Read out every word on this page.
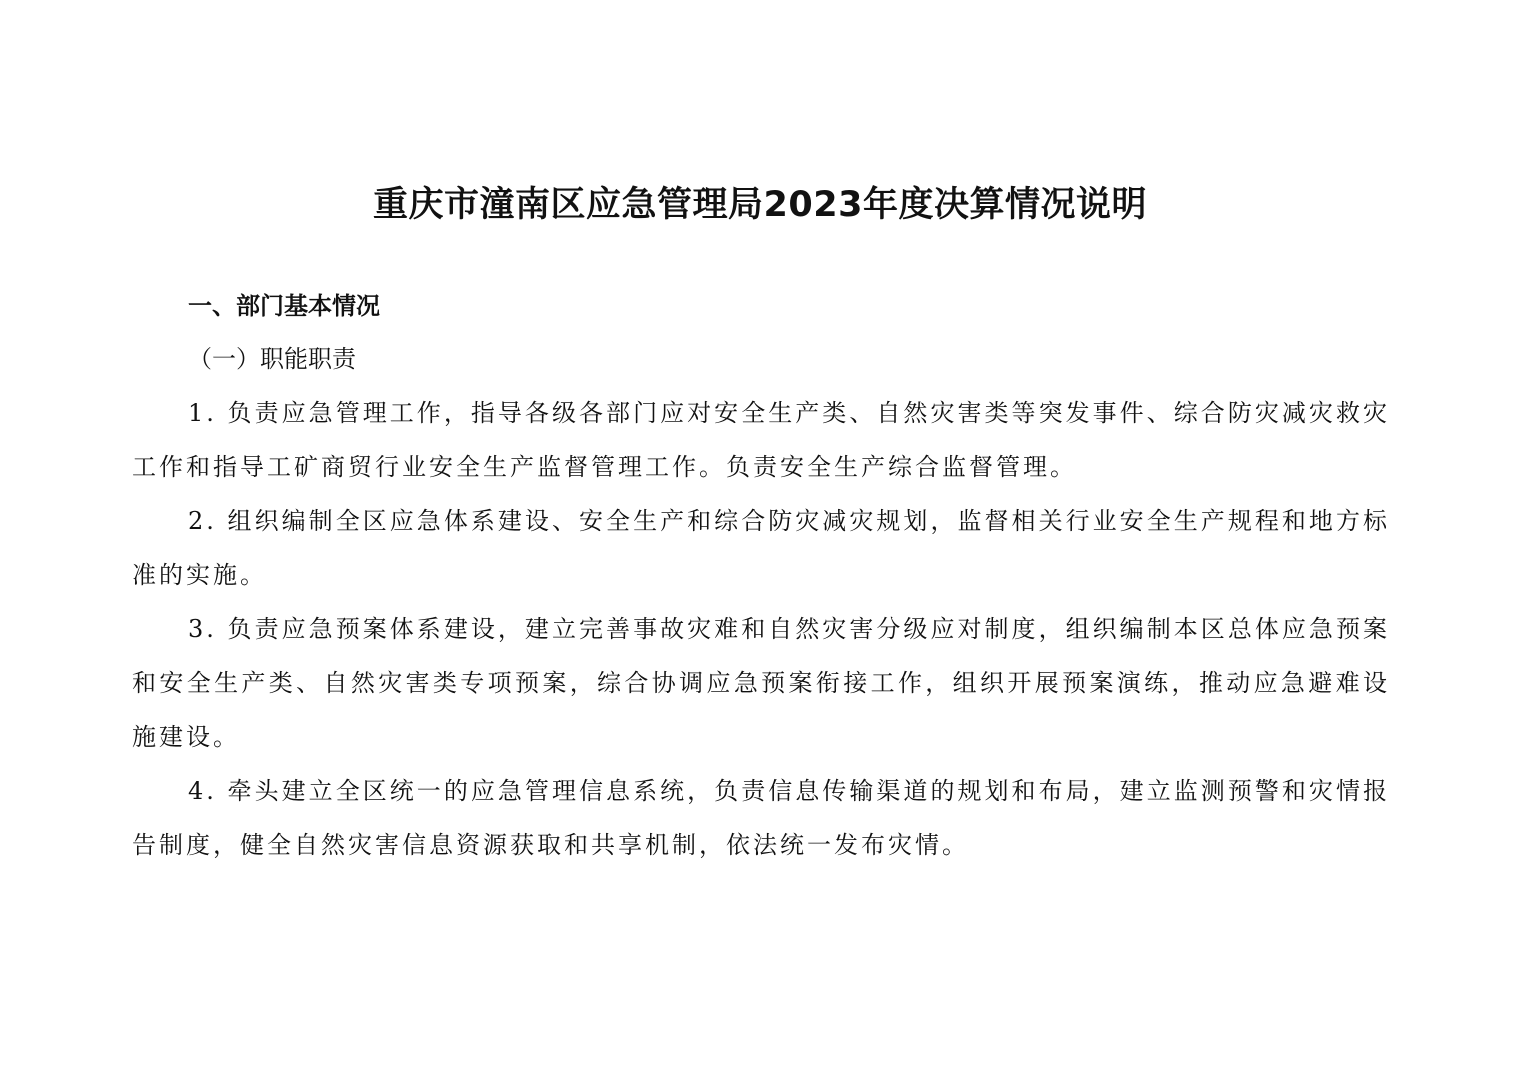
重庆市潼南区应急管理局2023年度决算情况说明

一、部门基本情况

（一）职能职责

1. 负责应急管理工作，指导各级各部门应对安全生产类、自然灾害类等突发事件、综合防灾减灾救灾工作和指导工矿商贸行业安全生产监督管理工作。负责安全生产综合监督管理。

2. 组织编制全区应急体系建设、安全生产和综合防灾减灾规划，监督相关行业安全生产规程和地方标准的实施。

3. 负责应急预案体系建设，建立完善事故灾难和自然灾害分级应对制度，组织编制本区总体应急预案和安全生产类、自然灾害类专项预案，综合协调应急预案衔接工作，组织开展预案演练，推动应急避难设施建设。

4. 牵头建立全区统一的应急管理信息系统，负责信息传输渠道的规划和布局，建立监测预警和灾情报告制度，健全自然灾害信息资源获取和共享机制，依法统一发布灾情。
